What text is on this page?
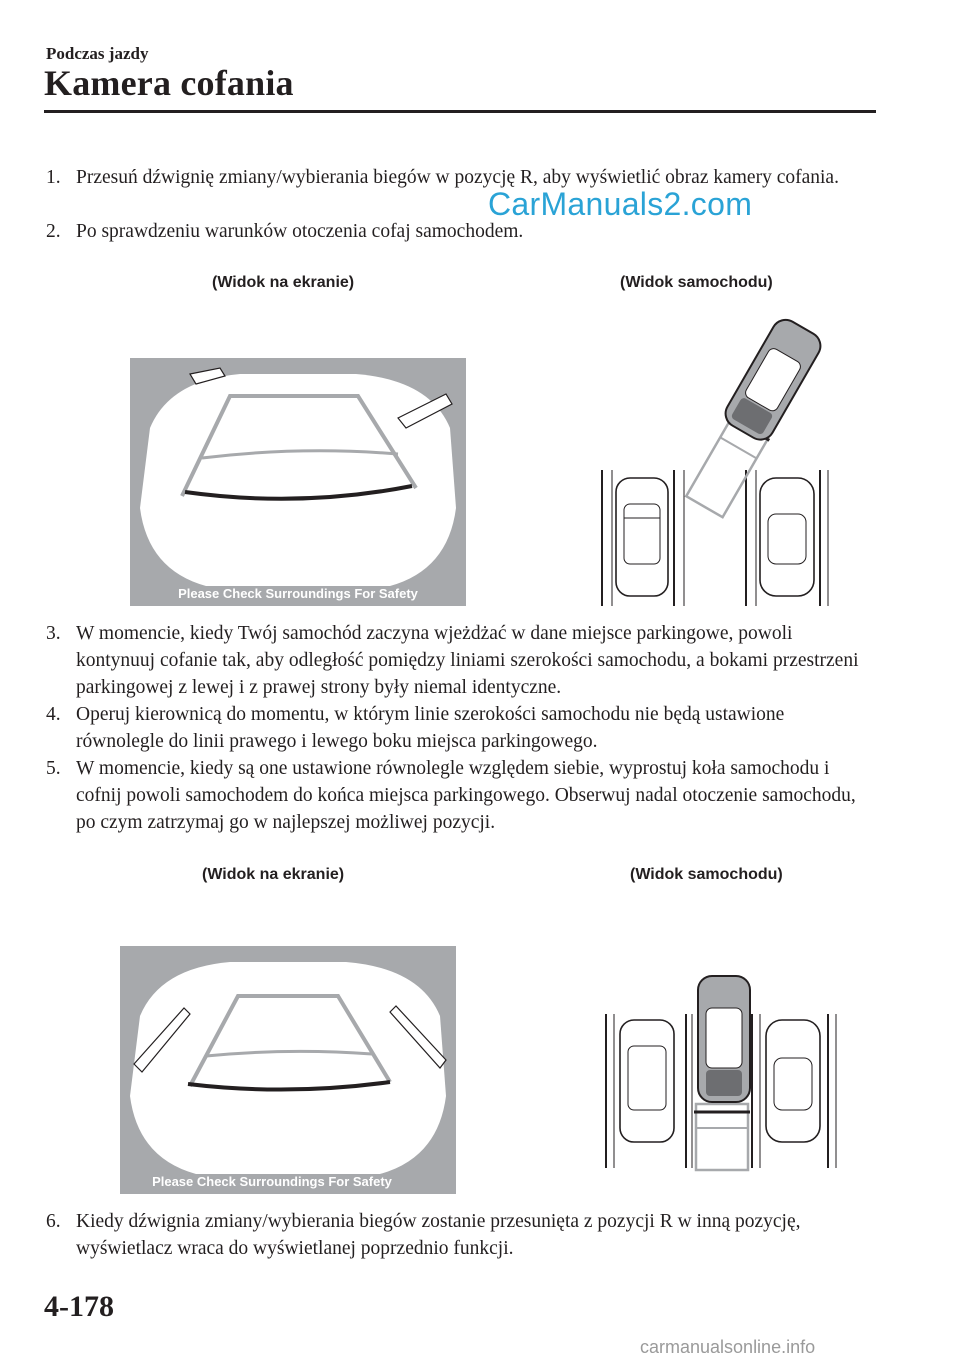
Podczas jazdy
Kamera cofania
1. Przesuń dźwignię zmiany/wybierania biegów w pozycję R, aby wyświetlić obraz kamery cofania.
2. Po sprawdzeniu warunków otoczenia cofaj samochodem.
CarManuals2.com
(Widok na ekranie)	(Widok samochodu)
Please Check Surroundings For Safety
3. W momencie, kiedy Twój samochód zaczyna wjeżdżać w dane miejsce parkingowe, powoli kontynuuj cofanie tak, aby odległość pomiędzy liniami szerokości samochodu, a bokami przestrzeni parkingowej z lewej i z prawej strony były niemal identyczne.
4. Operuj kierownicą do momentu, w którym linie szerokości samochodu nie będą ustawione równolegle do linii prawego i lewego boku miejsca parkingowego.
5. W momencie, kiedy są one ustawione równolegle względem siebie, wyprostuj koła samochodu i cofnij powoli samochodem do końca miejsca parkingowego. Obserwuj nadal otoczenie samochodu, po czym zatrzymaj go w najlepszej możliwej pozycji.
(Widok na ekranie)	(Widok samochodu)
Please Check Surroundings For Safety
6. Kiedy dźwignia zmiany/wybierania biegów zostanie przesunięta z pozycji R w inną pozycję, wyświetlacz wraca do wyświetlanej poprzednio funkcji.
4-178
carmanualsonline.info
